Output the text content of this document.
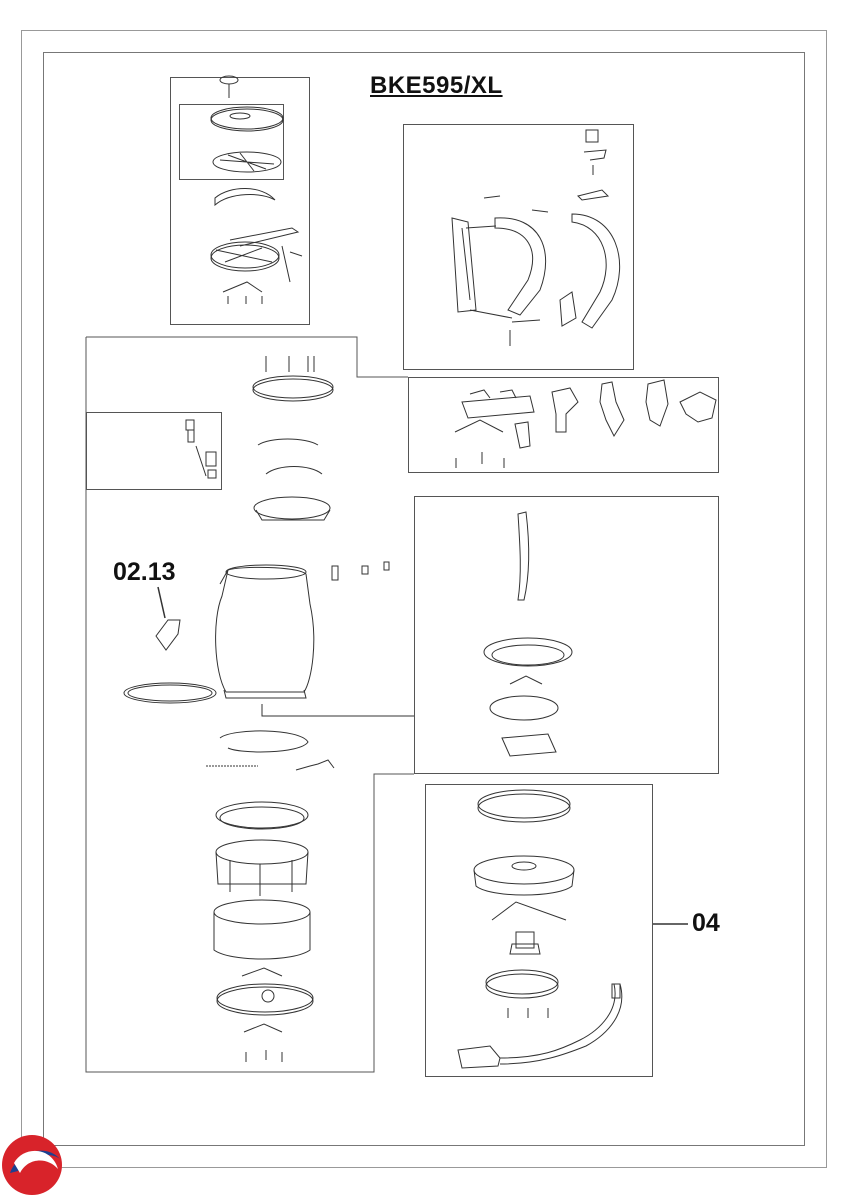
BKE595/XL
02.13
04
